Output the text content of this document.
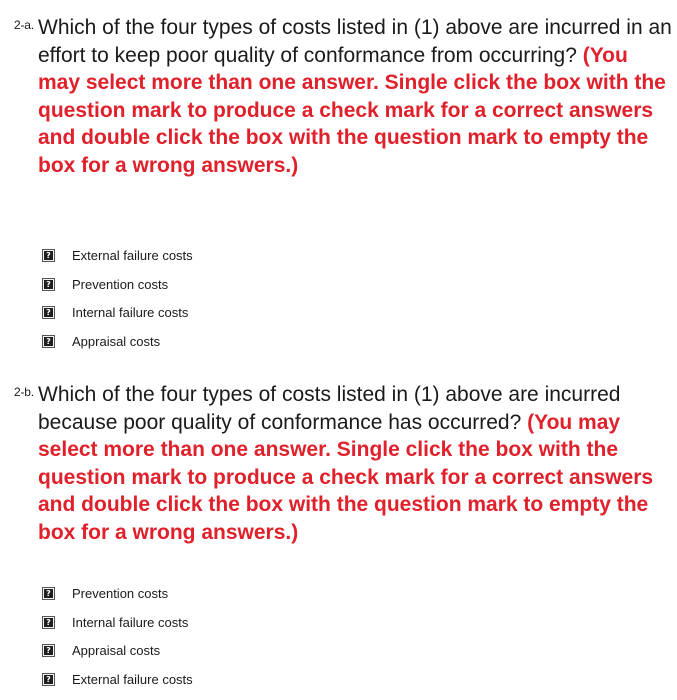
2-a. Which of the four types of costs listed in (1) above are incurred in an effort to keep poor quality of conformance from occurring? (You may select more than one answer. Single click the box with the question mark to produce a check mark for a correct answers and double click the box with the question mark to empty the box for a wrong answers.)
? External failure costs
? Prevention costs
? Internal failure costs
? Appraisal costs
2-b. Which of the four types of costs listed in (1) above are incurred because poor quality of conformance has occurred? (You may select more than one answer. Single click the box with the question mark to produce a check mark for a correct answers and double click the box with the question mark to empty the box for a wrong answers.)
? Prevention costs
? Internal failure costs
? Appraisal costs
? External failure costs
